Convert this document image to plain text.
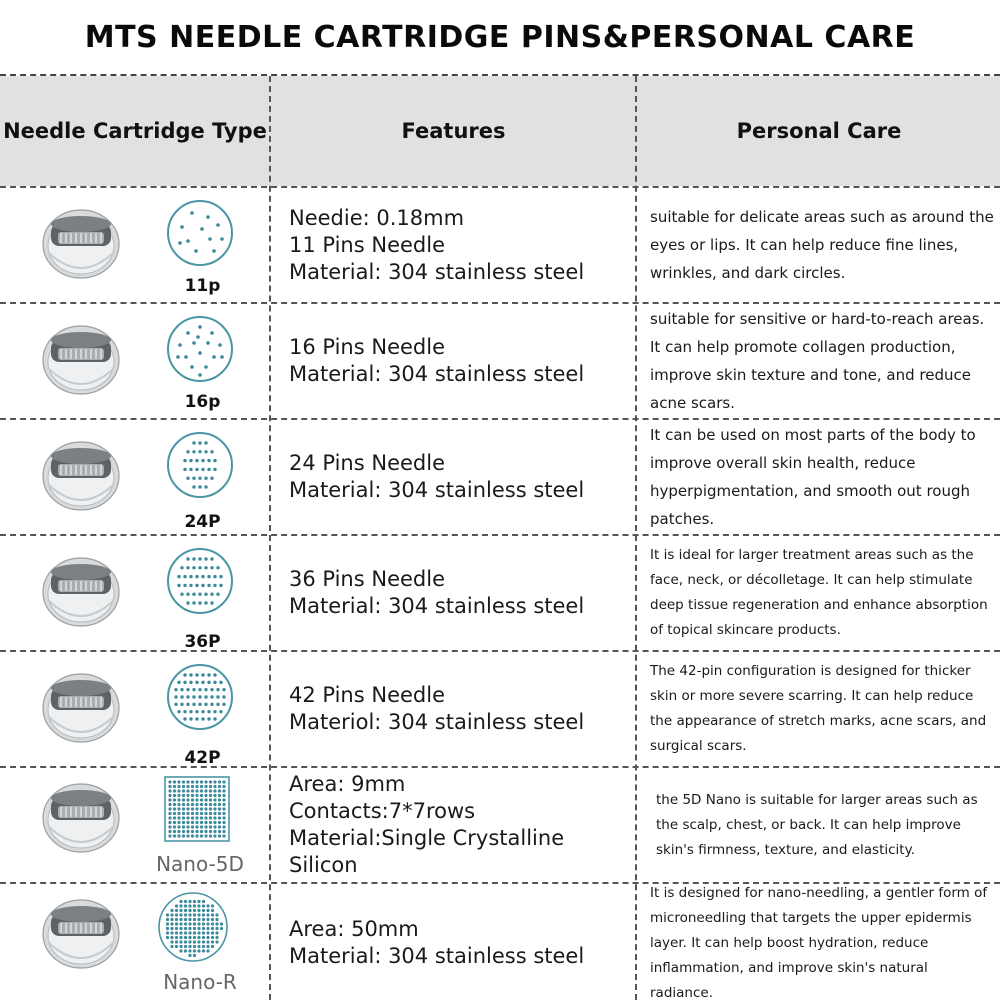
MTS NEEDLE CARTRIDGE PINS&PERSONAL CARE
Needle Cartridge Type	Features	Personal Care
11p
Needie: 0.18mm
11 Pins Needle
Material: 304 stainless steel
suitable for delicate areas such as around the eyes or lips. It can help reduce fine lines, wrinkles, and dark circles.
16p
16 Pins Needle
Material: 304 stainless steel
suitable for sensitive or hard-to-reach areas. It can help promote collagen production, improve skin texture and tone, and reduce acne scars.
24P
24 Pins Needle
Material: 304 stainless steel
It can be used on most parts of the body to improve overall skin health, reduce hyperpigmentation, and smooth out rough patches.
36P
36 Pins Needle
Material: 304 stainless steel
It is ideal for larger treatment areas such as the face, neck, or décolletage. It can help stimulate deep tissue regeneration and enhance absorption of topical skincare products.
42P
42 Pins Needle
Materiol: 304 stainless steel
The 42-pin configuration is designed for thicker skin or more severe scarring. It can help reduce the appearance of stretch marks, acne scars, and surgical scars.
Nano-5D
Area: 9mm
Contacts:7*7rows
Material:Single Crystalline Silicon
the 5D Nano is suitable for larger areas such as the scalp, chest, or back. It can help improve skin's firmness, texture, and elasticity.
Nano-R
Area: 50mm
Material: 304 stainless steel
It is designed for nano-needling, a gentler form of microneedling that targets the upper epidermis layer. It can help boost hydration, reduce inflammation, and improve skin's natural radiance.
